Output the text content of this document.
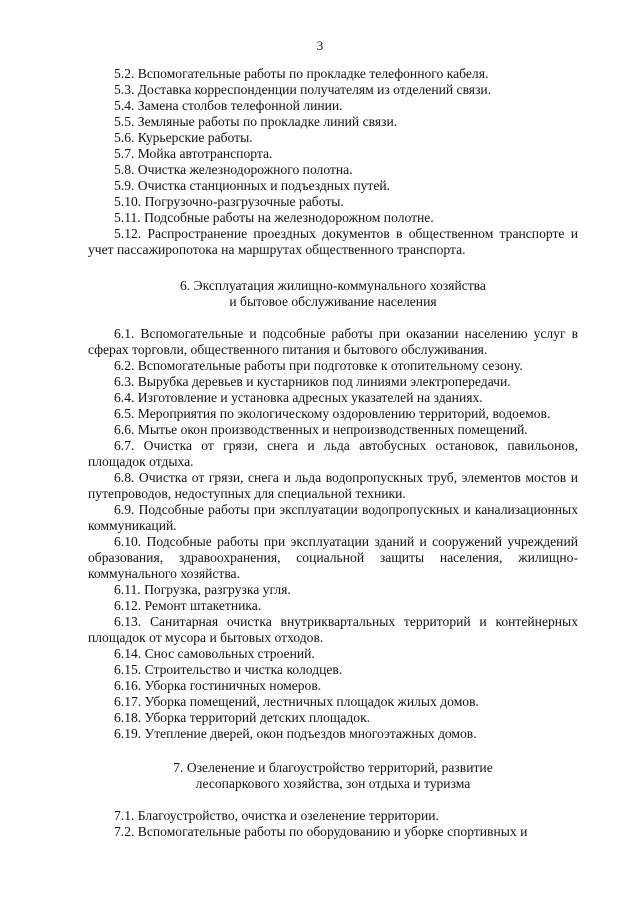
3

5.2. Вспомогательные работы по прокладке телефонного кабеля.

5.3. Доставка корреспонденции получателям из отделений связи.

5.4. Замена столбов телефонной линии.

5.5. Земляные работы по прокладке линий связи.

5.6. Курьерские работы.

5.7. Мойка автотранспорта.

5.8. Очистка железнодорожного полотна.

5.9. Очистка станционных и подъездных путей.

5.10. Погрузочно-разгрузочные работы.

5.11. Подсобные работы на железнодорожном полотне.

5.12. Распространение проездных документов в общественном транспорте и учет пассажиропотока на маршрутах общественного транспорта.

6. Эксплуатация жилищно-коммунального хозяйства
и бытовое обслуживание населения

6.1. Вспомогательные и подсобные работы при оказании населению услуг в сферах торговли, общественного питания и бытового обслуживания.

6.2. Вспомогательные работы при подготовке к отопительному сезону.

6.3. Вырубка деревьев и кустарников под линиями электропередачи.

6.4. Изготовление и установка адресных указателей на зданиях.

6.5. Мероприятия по экологическому оздоровлению территорий, водоемов.

6.6. Мытье окон производственных и непроизводственных помещений.

6.7. Очистка от грязи, снега и льда автобусных остановок, павильонов, площадок отдыха.

6.8. Очистка от грязи, снега и льда водопропускных труб, элементов мостов и путепроводов, недоступных для специальной техники.

6.9. Подсобные работы при эксплуатации водопропускных и канализационных коммуникаций.

6.10. Подсобные работы при эксплуатации зданий и сооружений учреждений образования, здравоохранения, социальной защиты населения, жилищно-коммунального хозяйства.

6.11. Погрузка, разгрузка угля.

6.12. Ремонт штакетника.

6.13. Санитарная очистка внутриквартальных территорий и контейнерных площадок от мусора и бытовых отходов.

6.14. Снос самовольных строений.

6.15. Строительство и чистка колодцев.

6.16. Уборка гостиничных номеров.

6.17. Уборка помещений, лестничных площадок жилых домов.

6.18. Уборка территорий детских площадок.

6.19. Утепление дверей, окон подъездов многоэтажных домов.

7. Озеленение и благоустройство территорий, развитие
лесопаркового хозяйства, зон отдыха и туризма

7.1. Благоустройство, очистка и озеленение территории.

7.2. Вспомогательные работы по оборудованию и уборке спортивных и
